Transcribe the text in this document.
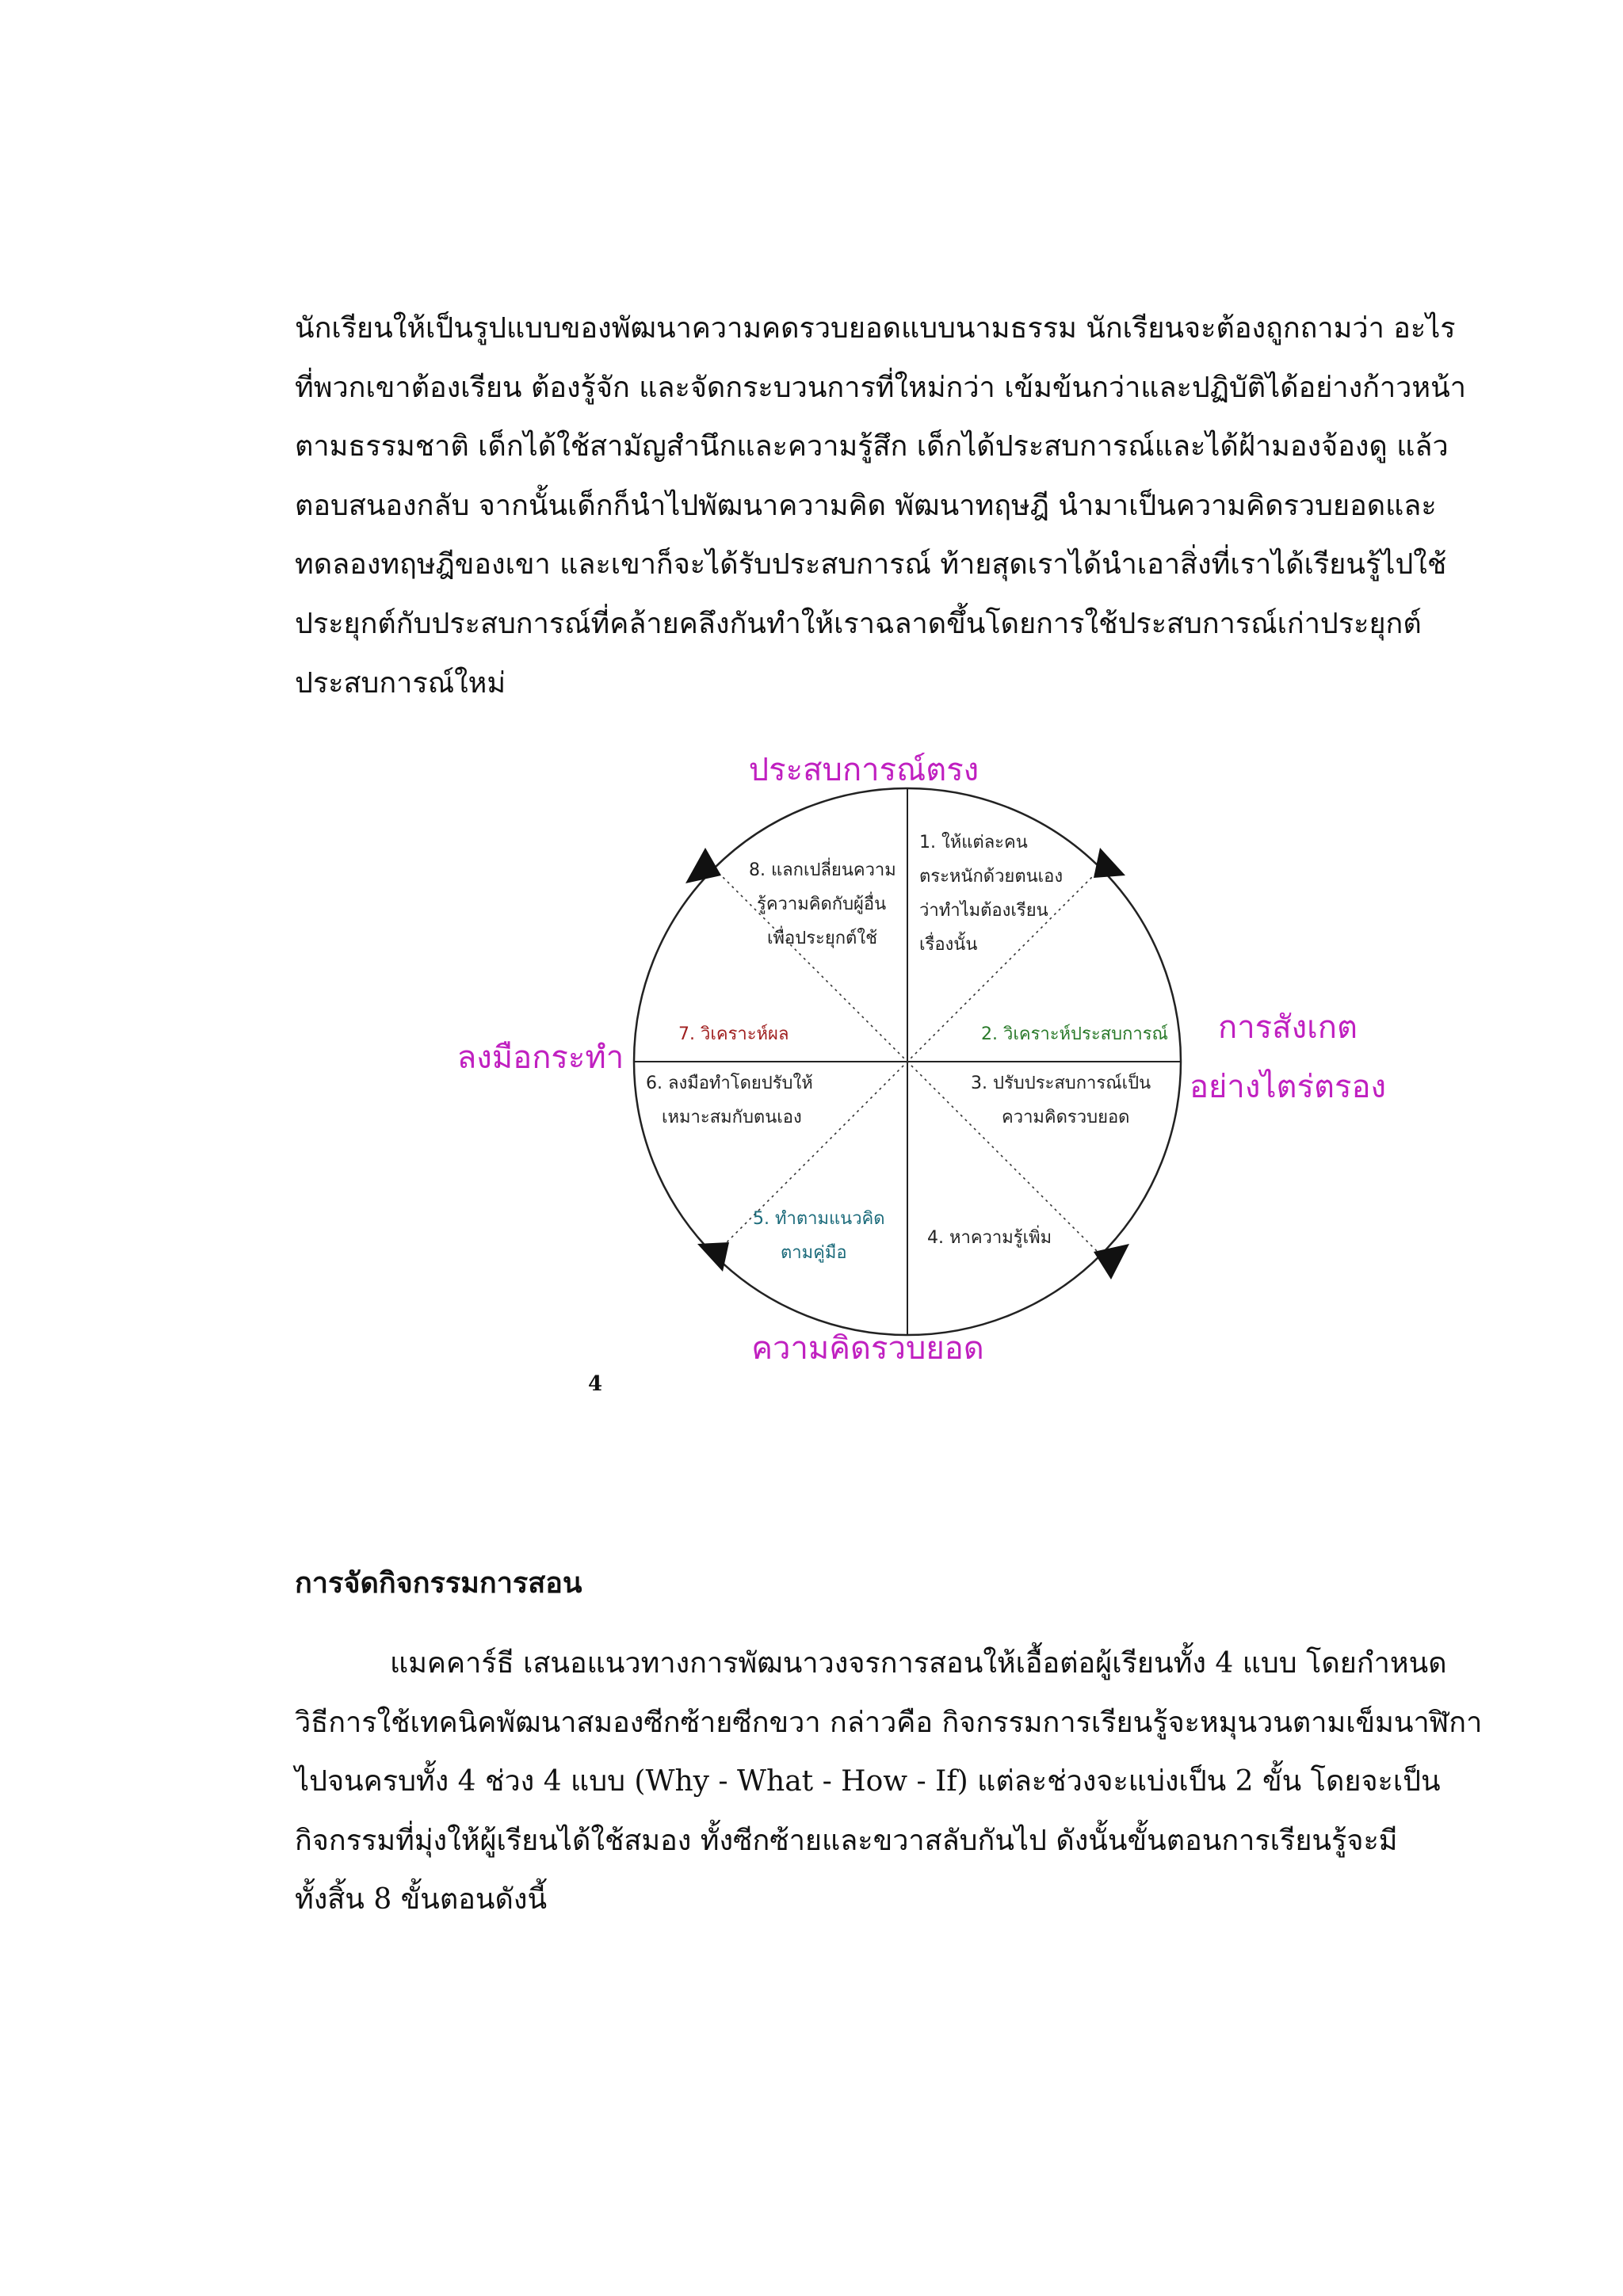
นักเรียนให้เป็นรูปแบบของพัฒนาความคดรวบยอดแบบนามธรรม นักเรียนจะต้องถูกถามว่า อะไร
ที่พวกเขาต้องเรียน ต้องรู้จัก และจัดกระบวนการที่ใหม่กว่า เข้มข้นกว่าและปฏิบัติได้อย่างก้าวหน้า
ตามธรรมชาติ เด็กได้ใช้สามัญสำนึกและความรู้สึก เด็กได้ประสบการณ์และได้ฝ้ามองจ้องดู แล้ว
ตอบสนองกลับ จากนั้นเด็กก็นำไปพัฒนาความคิด พัฒนาทฤษฎี นำมาเป็นความคิดรวบยอดและ
ทดลองทฤษฎีของเขา และเขาก็จะได้รับประสบการณ์ ท้ายสุดเราได้นำเอาสิ่งที่เราได้เรียนรู้ไปใช้
ประยุกต์กับประสบการณ์ที่คล้ายคลึงกันทำให้เราฉลาดขึ้นโดยการใช้ประสบการณ์เก่าประยุกต์
ประสบการณ์ใหม่

ประสบการณ์ตรง
การสังเกต
อย่างไตร่ตรอง
ความคิดรวบยอด
ลงมือกระทำ
1. ให้แต่ละคน
ตระหนักด้วยตนเอง
ว่าทำไมต้องเรียน
เรื่องนั้น
2. วิเคราะห์ประสบการณ์
3. ปรับประสบการณ์เป็น
ความคิดรวบยอด
4. หาความรู้เพิ่ม
5. ทำตามแนวคิด
ตามคู่มือ
6. ลงมือทำโดยปรับให้
เหมาะสมกับตนเอง
7. วิเคราะห์ผล
8. แลกเปลี่ยนความ
รู้ความคิดกับผู้อื่น
เพื่อประยุกต์ใช้
4
การจัดกิจกรรมการสอน

แมคคาร์ธี เสนอแนวทางการพัฒนาวงจรการสอนให้เอื้อต่อผู้เรียนทั้ง 4 แบบ โดยกำหนด
วิธีการใช้เทคนิคพัฒนาสมองซีกซ้ายซีกขวา กล่าวคือ กิจกรรมการเรียนรู้จะหมุนวนตามเข็มนาฬิกา
ไปจนครบทั้ง 4 ช่วง 4 แบบ (Why - What - How - If) แต่ละช่วงจะแบ่งเป็น 2 ขั้น โดยจะเป็น
กิจกรรมที่มุ่งให้ผู้เรียนได้ใช้สมอง ทั้งซีกซ้ายและขวาสลับกันไป ดังนั้นขั้นตอนการเรียนรู้จะมี
ทั้งสิ้น 8 ขั้นตอนดังนี้
